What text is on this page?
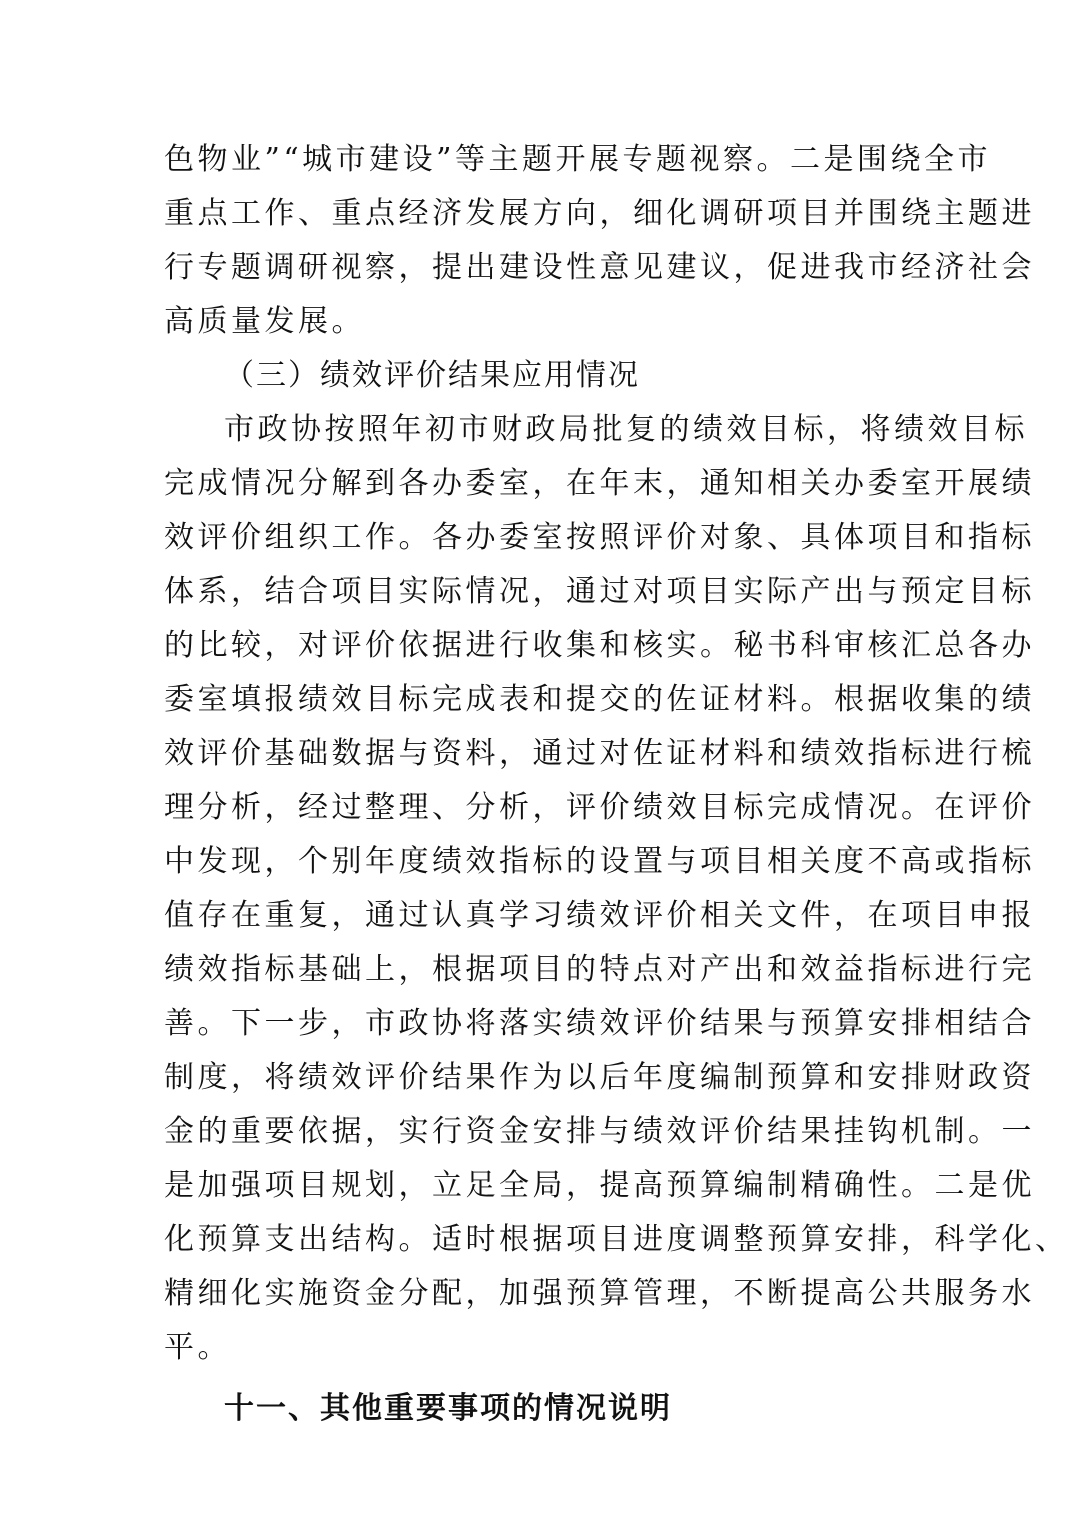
色物业”“城市建设”等主题开展专题视察。二是围绕全市
重点工作、重点经济发展方向，细化调研项目并围绕主题进
行专题调研视察，提出建设性意见建议，促进我市经济社会
高质量发展。
（三）绩效评价结果应用情况
市政协按照年初市财政局批复的绩效目标，将绩效目标
完成情况分解到各办委室，在年末，通知相关办委室开展绩
效评价组织工作。各办委室按照评价对象、具体项目和指标
体系，结合项目实际情况，通过对项目实际产出与预定目标
的比较，对评价依据进行收集和核实。秘书科审核汇总各办
委室填报绩效目标完成表和提交的佐证材料。根据收集的绩
效评价基础数据与资料，通过对佐证材料和绩效指标进行梳
理分析，经过整理、分析，评价绩效目标完成情况。在评价
中发现，个别年度绩效指标的设置与项目相关度不高或指标
值存在重复，通过认真学习绩效评价相关文件，在项目申报
绩效指标基础上，根据项目的特点对产出和效益指标进行完
善。下一步，市政协将落实绩效评价结果与预算安排相结合
制度，将绩效评价结果作为以后年度编制预算和安排财政资
金的重要依据，实行资金安排与绩效评价结果挂钩机制。一
是加强项目规划，立足全局，提高预算编制精确性。二是优
化预算支出结构。适时根据项目进度调整预算安排，科学化、
精细化实施资金分配，加强预算管理，不断提高公共服务水
平。
十一、其他重要事项的情况说明
